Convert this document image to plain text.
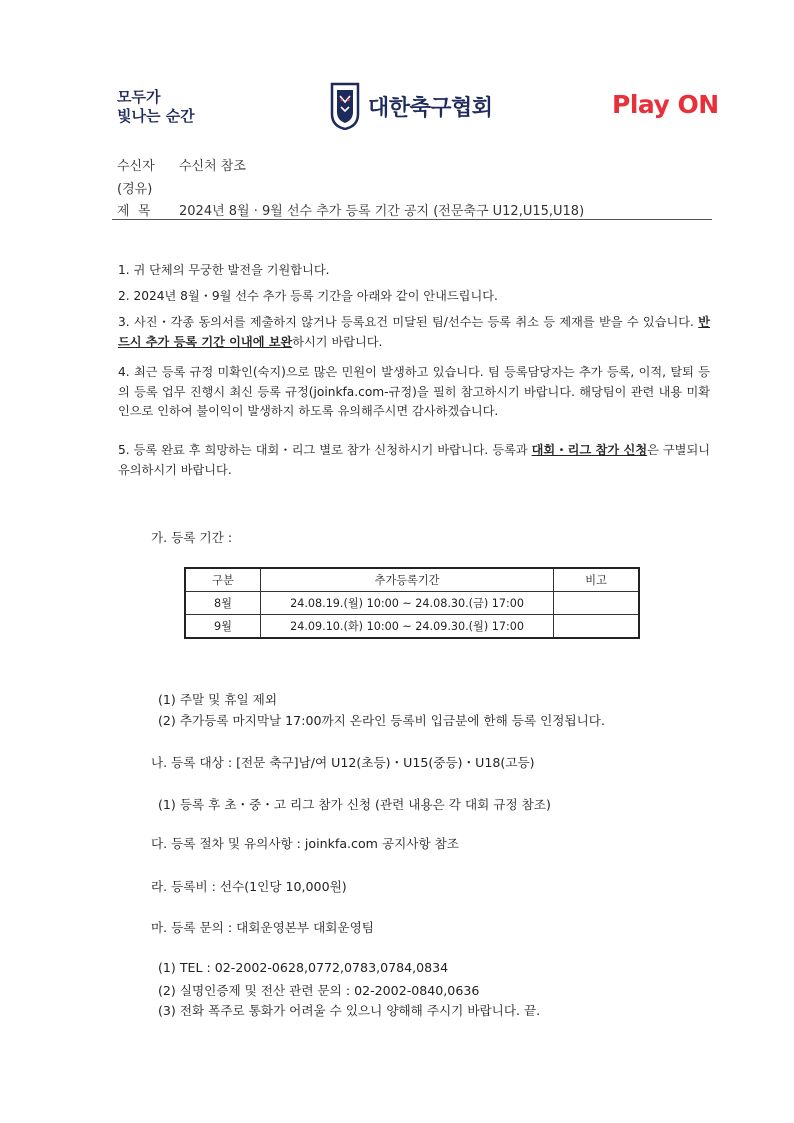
모두가
빛나는 순간	대한축구협회	Play ON
수신자 수신처 참조
(경유)
제  목 2024년 8월 · 9월 선수 추가 등록 기간 공지 (전문축구 U12,U15,U18)
1. 귀 단체의 무궁한 발전을 기원합니다.
2. 2024년 8월・9월 선수 추가 등록 기간을 아래와 같이 안내드립니다.
3. 사진・각종 동의서를 제출하지 않거나 등록요건 미달된 팀/선수는 등록 취소 등 제재를 받을 수 있습니다. 반드시 추가 등록 기간 이내에 보완하시기 바랍니다.
4. 최근 등록 규정 미확인(숙지)으로 많은 민원이 발생하고 있습니다. 팀 등록담당자는 추가 등록, 이적, 탈퇴 등의 등록 업무 진행시 최신 등록 규정(joinkfa.com-규정)을 필히 참고하시기 바랍니다. 해당팀이 관련 내용 미확인으로 인하여 불이익이 발생하지 하도록 유의해주시면 감사하겠습니다.
5. 등록 완료 후 희망하는 대회・리그 별로 참가 신청하시기 바랍니다. 등록과 대회・리그 참가 신청은 구별되니 유의하시기 바랍니다.
가. 등록 기간 :
구분	추가등록기간	비고
8월	24.08.19.(월) 10:00 ~ 24.08.30.(금) 17:00	
9월	24.09.10.(화) 10:00 ~ 24.09.30.(월) 17:00	
(1) 주말 및 휴일 제외
(2) 추가등록 마지막날 17:00까지 온라인 등록비 입금분에 한해 등록 인정됩니다.
나. 등록 대상 : [전문 축구]남/여 U12(초등)・U15(중등)・U18(고등)
(1) 등록 후 초・중・고 리그 참가 신청 (관련 내용은 각 대회 규정 참조)
다. 등록 절차 및 유의사항 : joinkfa.com 공지사항 참조
라. 등록비 : 선수(1인당 10,000원)
마. 등록 문의 : 대회운영본부 대회운영팀
(1) TEL : 02-2002-0628,0772,0783,0784,0834
(2) 실명인증제 및 전산 관련 문의 : 02-2002-0840,0636
(3) 전화 폭주로 통화가 어려울 수 있으니 양해해 주시기 바랍니다. 끝.
